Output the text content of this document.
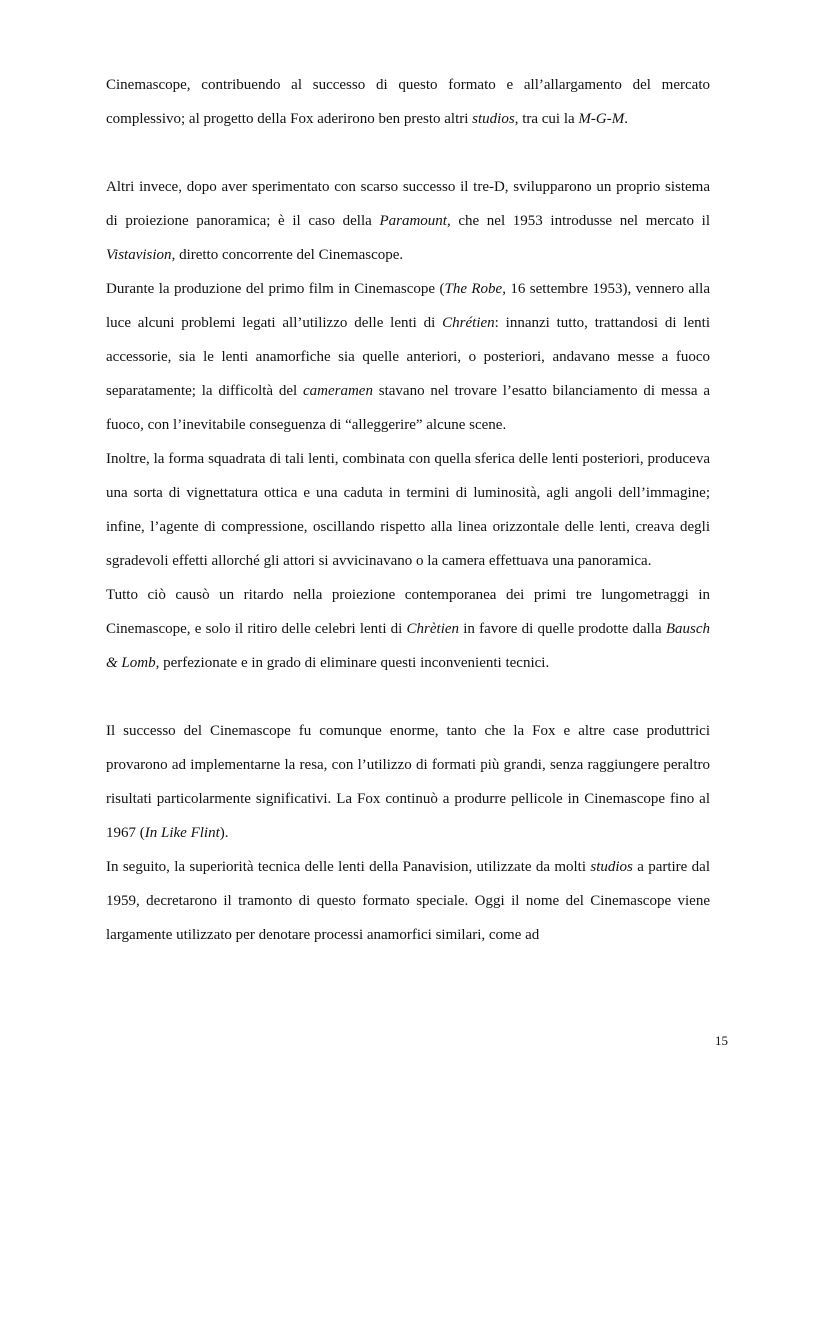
Cinemascope, contribuendo al successo di questo formato e all’allargamento del mercato complessivo; al progetto della Fox aderirono ben presto altri studios, tra cui la M-G-M.

Altri invece, dopo aver sperimentato con scarso successo il tre-D, svilupparono un proprio sistema di proiezione panoramica; è il caso della Paramount, che nel 1953 introdusse nel mercato il Vistavision, diretto concorrente del Cinemascope.

Durante la produzione del primo film in Cinemascope (The Robe, 16 settembre 1953), vennero alla luce alcuni problemi legati all’utilizzo delle lenti di Chrétien: innanzi tutto, trattandosi di lenti accessorie, sia le lenti anamorfiche sia quelle anteriori, o posteriori, andavano messe a fuoco separatamente; la difficoltà del cameramen stavano nel trovare l’esatto bilanciamento di messa a fuoco, con l’inevitabile conseguenza di “alleggerire” alcune scene.

Inoltre, la forma squadrata di tali lenti, combinata con quella sferica delle lenti posteriori, produceva una sorta di vignettatura ottica e una caduta in termini di luminosità, agli angoli dell’immagine; infine, l’agente di compressione, oscillando rispetto alla linea orizzontale delle lenti, creava degli sgradevoli effetti allorché gli attori si avvicinavano o la camera effettuava una panoramica.

Tutto ciò causò un ritardo nella proiezione contemporanea dei primi tre lungometraggi in Cinemascope, e solo il ritiro delle celebri lenti di Chrètien in favore di quelle prodotte dalla Bausch & Lomb, perfezionate e in grado di eliminare questi inconvenienti tecnici.

Il successo del Cinemascope fu comunque enorme, tanto che la Fox e altre case produttrici provarono ad implementarne la resa, con l’utilizzo di formati più grandi, senza raggiungere peraltro risultati particolarmente significativi. La Fox continuò a produrre pellicole in Cinemascope fino al 1967 (In Like Flint).

In seguito, la superiorità tecnica delle lenti della Panavision, utilizzate da molti studios a partire dal 1959, decretarono il tramonto di questo formato speciale. Oggi il nome del Cinemascope viene largamente utilizzato per denotare processi anamorfici similari, come ad

15
